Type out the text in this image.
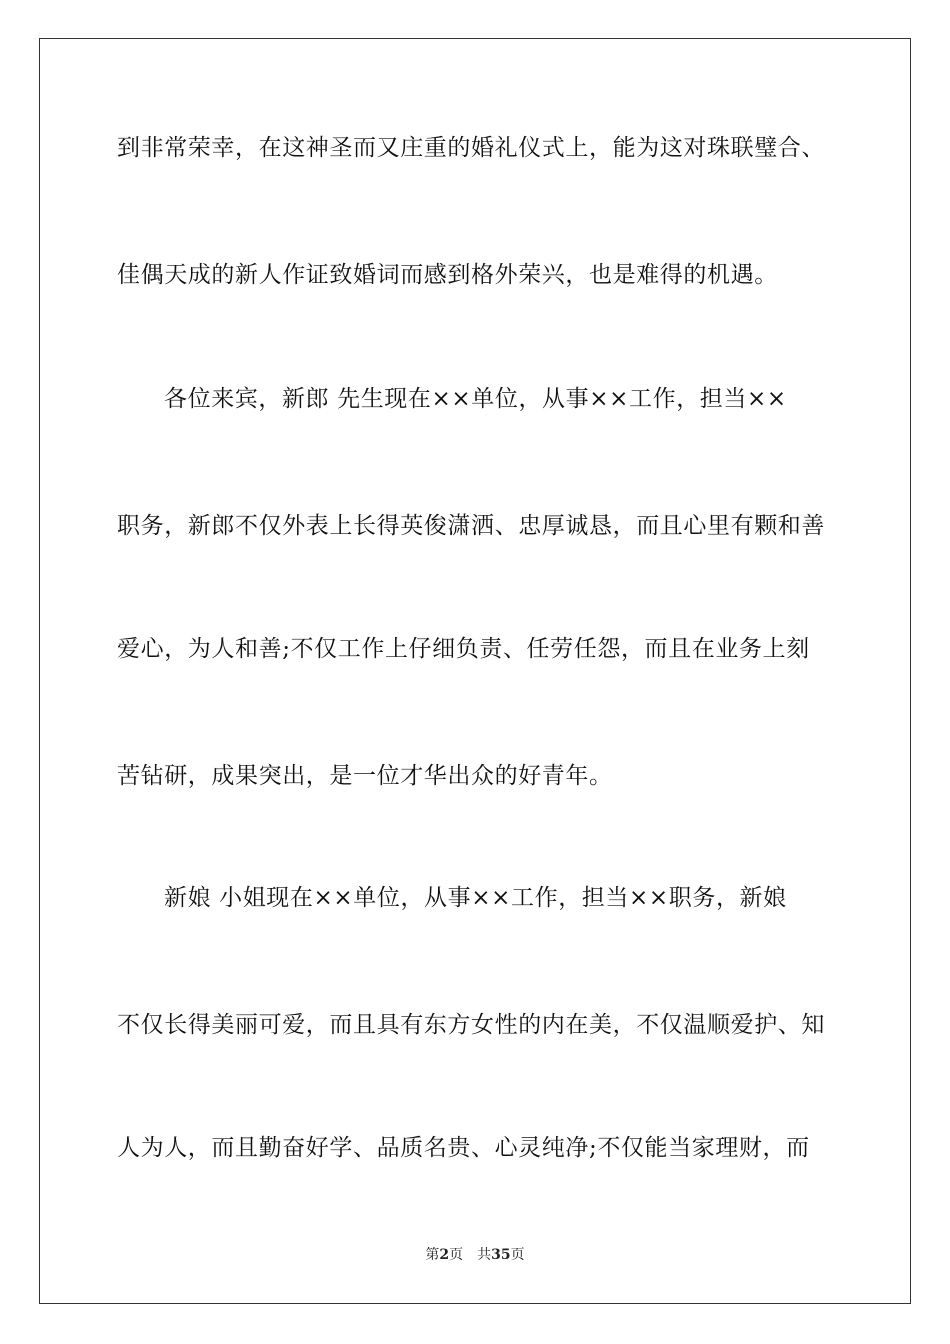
到非常荣幸，在这神圣而又庄重的婚礼仪式上，能为这对珠联璧合、
佳偶天成的新人作证致婚词而感到格外荣兴，也是难得的机遇。
各位来宾，新郎 先生现在××单位，从事××工作，担当××
职务，新郎不仅外表上长得英俊潇洒、忠厚诚恳，而且心里有颗和善
爱心，为人和善;不仅工作上仔细负责、任劳任怨，而且在业务上刻
苦钻研，成果突出，是一位才华出众的好青年。
新娘 小姐现在××单位，从事××工作，担当××职务，新娘
不仅长得美丽可爱，而且具有东方女性的内在美，不仅温顺爱护、知
人为人，而且勤奋好学、品质名贵、心灵纯净;不仅能当家理财，而
第2页 共35页
